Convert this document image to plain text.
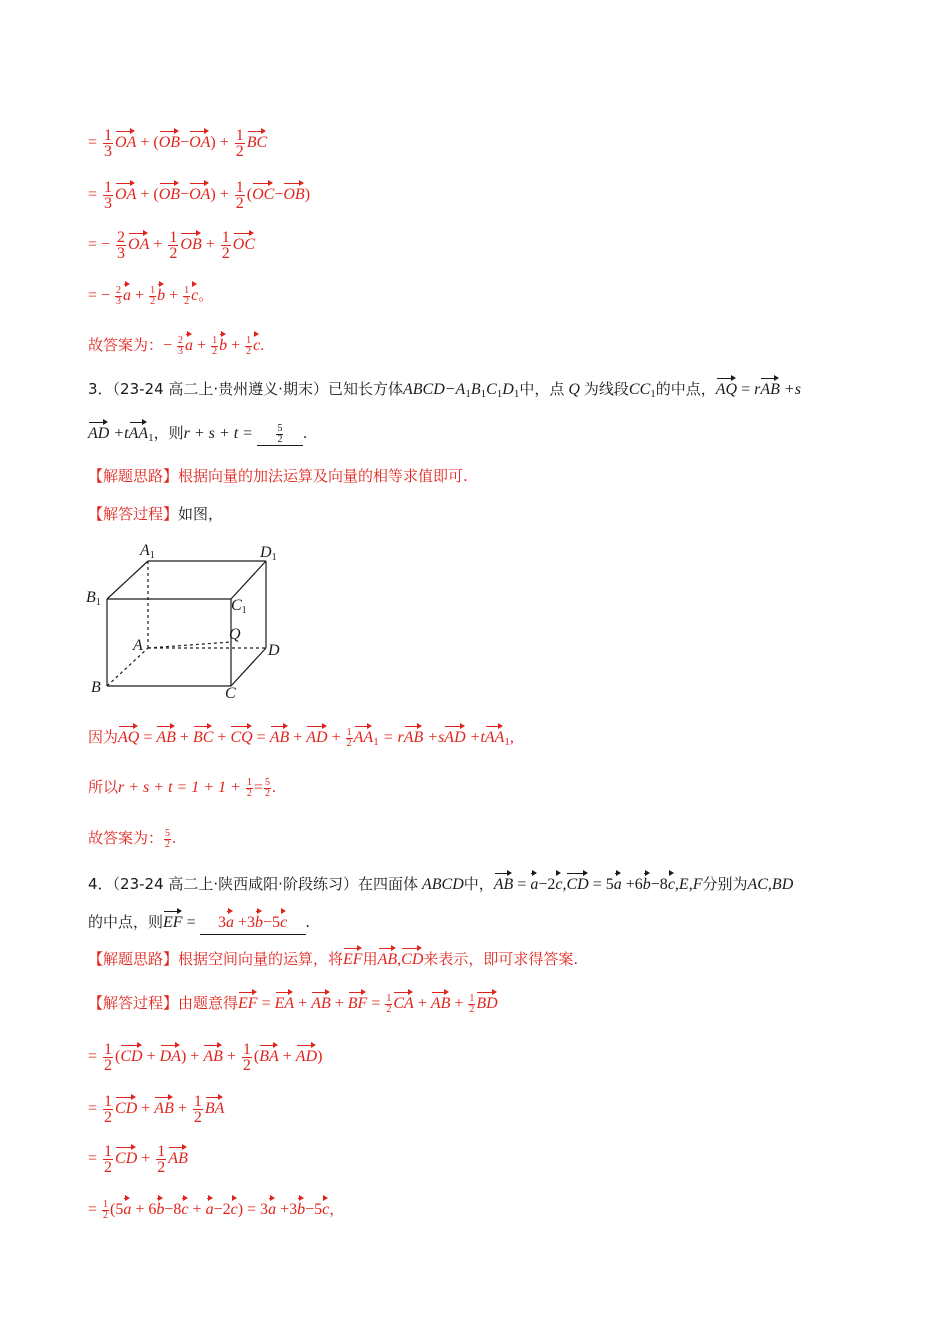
= $\frac{1}{3}$ OA + $(OB-OA) + \frac{1}{2}$ BC
= $\frac{1}{3}$ OA + $(OB-OA) + \frac{1}{2} (OC-OB)$
= − $\frac{2}{3}$ OA + $\frac{1}{2}$ OB + $\frac{1}{2}$ OC
= − $\frac{2}{3}$ $a + \frac{1}{2}$ $b + \frac{1}{2}$ c。
故答案为：− $\frac{2}{3}$ $a + \frac{1}{2}$ $b + \frac{1}{2} c$.
3．（23-24 高二上·贵州遵义·期末）已知长方体$ABCD-A_1B_1C_1D_1$中，点 Q 为线段$CC_1$的中点，AQ = rAB +s
AD +tAA$_1$，则$r + s + t = \frac{5}{2}$ .
【解题思路】根据向量的加法运算及向量的相等求值即可.
【解答过程】如图，
A1	D1
B1	C1
Q
A	D
B	C
因为AQ = AB + BC + CQ = AB + AD + $\frac{1}{2} AA_1$ = rAB +sAD +tAA$_1$,
所以$r + s + t = 1 + 1 + \frac{1}{2} = \frac{5}{2}$ .
故答案为： $\frac{5}{2}$ .
4．（23-24 高二上·陕西咸阳·阶段练习）在四面体 ABCD中，AB = a−2c,CD = 5a +6b−8c,E,F分别为AC,BD
的中点，则EF = 3a +3b−5c .
【解题思路】根据空间向量的运算，将EF用AB,CD来表示，即可求得答案.
【解答过程】由题意得EF = EA + AB + BF = $\frac{1}{2}$ CA + AB + $\frac{1}{2}$ BD
= $\frac{1}{2} (CD + DA)$ + AB + $\frac{1}{2} (BA + AD)$
= $\frac{1}{2}$ CD + AB + $\frac{1}{2}$ BA
= $\frac{1}{2}$ CD + $\frac{1}{2}$ AB
= $\frac{1}{2} (5a + 6b-8c + a-2c) = 3a +3b-5c$，
